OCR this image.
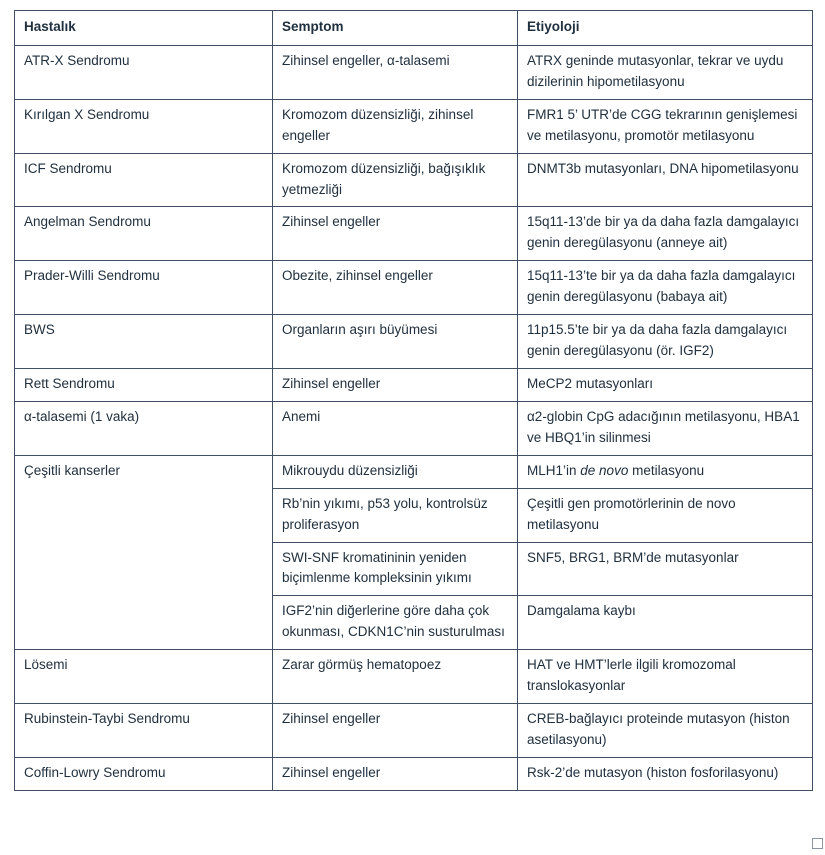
Hastalık	Semptom	Etiyoloji

ATR-X Sendromu	Zihinsel engeller, α-talasemi	ATRX geninde mutasyonlar, tekrar ve uydu dizilerinin hipometilasyonu

Kırılgan X Sendromu	Kromozom düzensizliği, zihinsel engeller	FMR1 5’ UTR’de CGG tekrarının genişlemesi ve metilasyonu, promotör metilasyonu

ICF Sendromu	Kromozom düzensizliği, bağışıklık yetmezliği	DNMT3b mutasyonları, DNA hipometilasyonu

Angelman Sendromu	Zihinsel engeller	15q11-13’de bir ya da daha fazla damgalayıcı genin deregülasyonu (anneye ait)

Prader-Willi Sendromu	Obezite, zihinsel engeller	15q11-13’te bir ya da daha fazla damgalayıcı genin deregülasyonu (babaya ait)

BWS	Organların aşırı büyümesi	11p15.5’te bir ya da daha fazla damgalayıcı genin deregülasyonu (ör. IGF2)

Rett Sendromu	Zihinsel engeller	MeCP2 mutasyonları

α-talasemi (1 vaka)	Anemi	α2-globin CpG adacığının metilasyonu, HBA1 ve HBQ1’in silinmesi

Çeşitli kanserler	Mikrouydu düzensizliği	MLH1’in de novo metilasyonu

	Rb’nin yıkımı, p53 yolu, kontrolsüz proliferasyon	Çeşitli gen promotörlerinin de novo metilasyonu

	SWI-SNF kromatininin yeniden biçimlenme kompleksinin yıkımı	SNF5, BRG1, BRM’de mutasyonlar

	IGF2’nin diğerlerine göre daha çok okunması, CDKN1C’nin susturulması	Damgalama kaybı

Lösemi	Zarar görmüş hematopoez	HAT ve HMT’lerle ilgili kromozomal translokasyonlar

Rubinstein-Taybi Sendromu	Zihinsel engeller	CREB-bağlayıcı proteinde mutasyon (histon asetilasyonu)

Coffin-Lowry Sendromu	Zihinsel engeller	Rsk-2’de mutasyon (histon fosforilasyonu)
